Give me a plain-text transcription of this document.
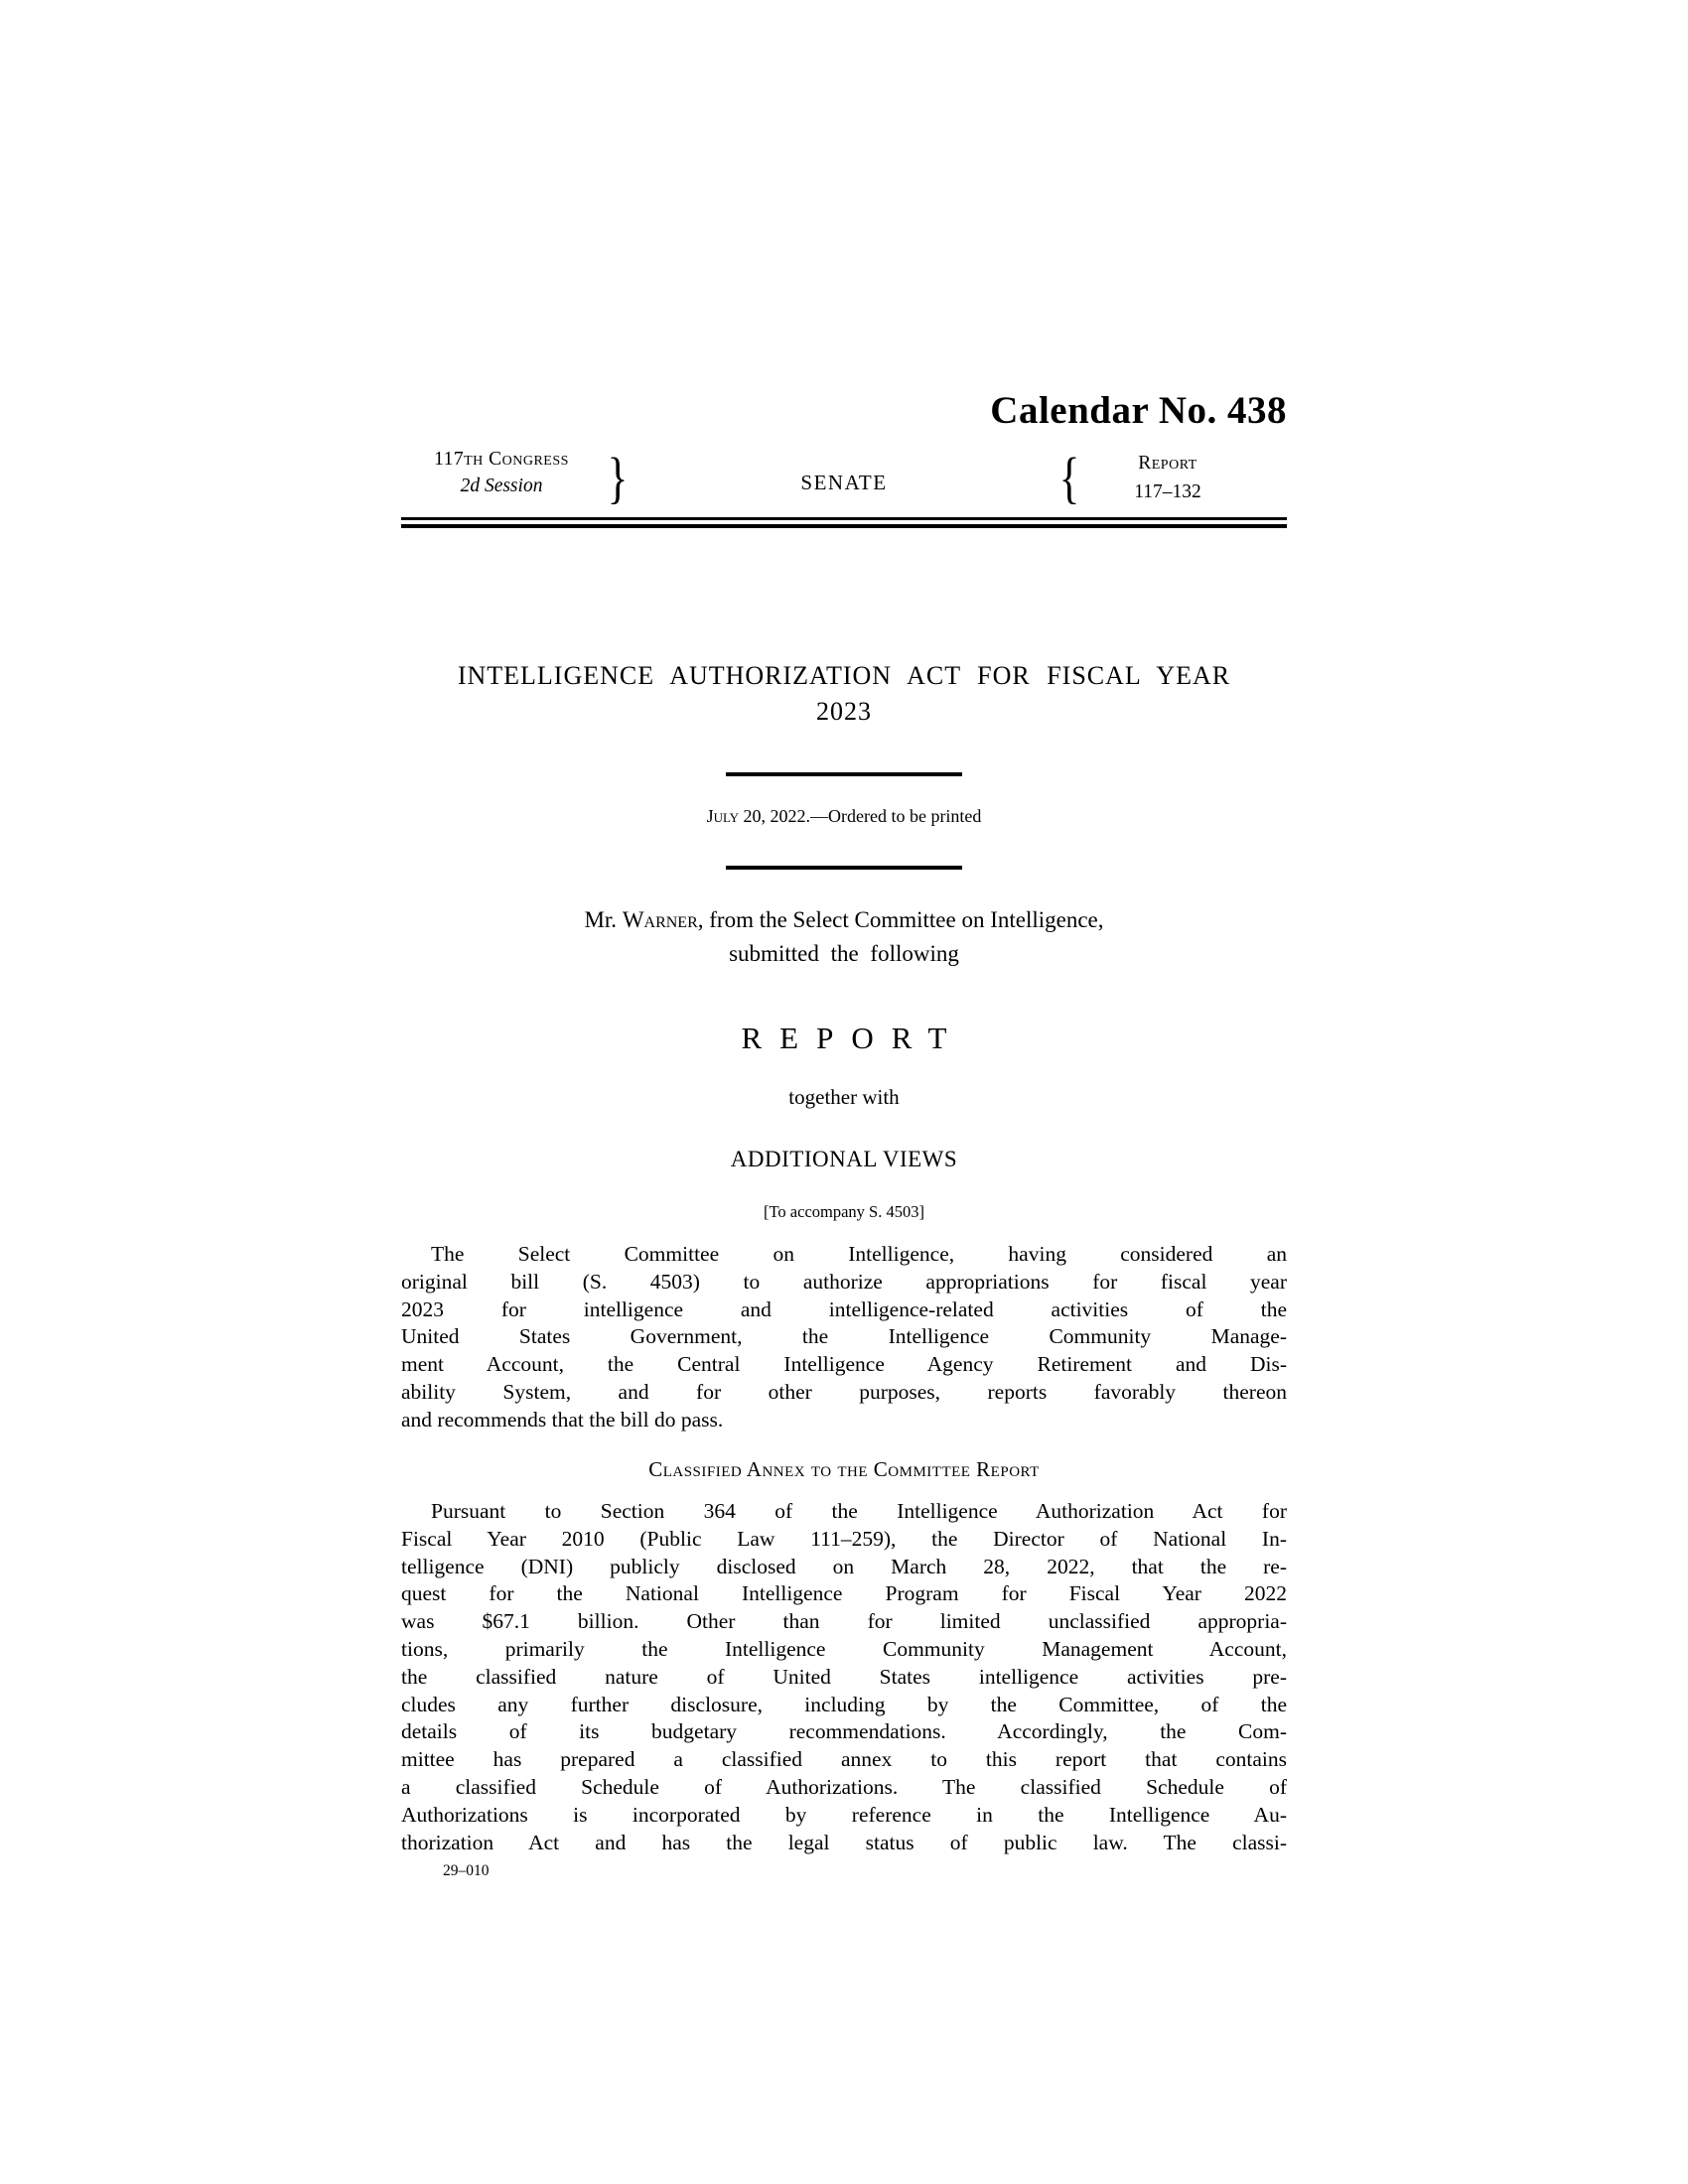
Calendar No. 438
117th Congress
2d Session	}	SENATE	{	Report
117–132
INTELLIGENCE AUTHORIZATION ACT FOR FISCAL YEAR
2023
July 20, 2022.—Ordered to be printed
Mr. Warner, from the Select Committee on Intelligence,
submitted the following
REPORT
together with
ADDITIONAL VIEWS
[To accompany S. 4503]
The Select Committee on Intelligence, having considered an
original bill (S. 4503) to authorize appropriations for fiscal year
2023 for intelligence and intelligence-related activities of the
United States Government, the Intelligence Community Manage-
ment Account, the Central Intelligence Agency Retirement and Dis-
ability System, and for other purposes, reports favorably thereon
and recommends that the bill do pass.
Classified Annex to the Committee Report
Pursuant to Section 364 of the Intelligence Authorization Act for
Fiscal Year 2010 (Public Law 111–259), the Director of National In-
telligence (DNI) publicly disclosed on March 28, 2022, that the re-
quest for the National Intelligence Program for Fiscal Year 2022
was $67.1 billion. Other than for limited unclassified appropria-
tions, primarily the Intelligence Community Management Account,
the classified nature of United States intelligence activities pre-
cludes any further disclosure, including by the Committee, of the
details of its budgetary recommendations. Accordingly, the Com-
mittee has prepared a classified annex to this report that contains
a classified Schedule of Authorizations. The classified Schedule of
Authorizations is incorporated by reference in the Intelligence Au-
thorization Act and has the legal status of public law. The classi-
29–010
